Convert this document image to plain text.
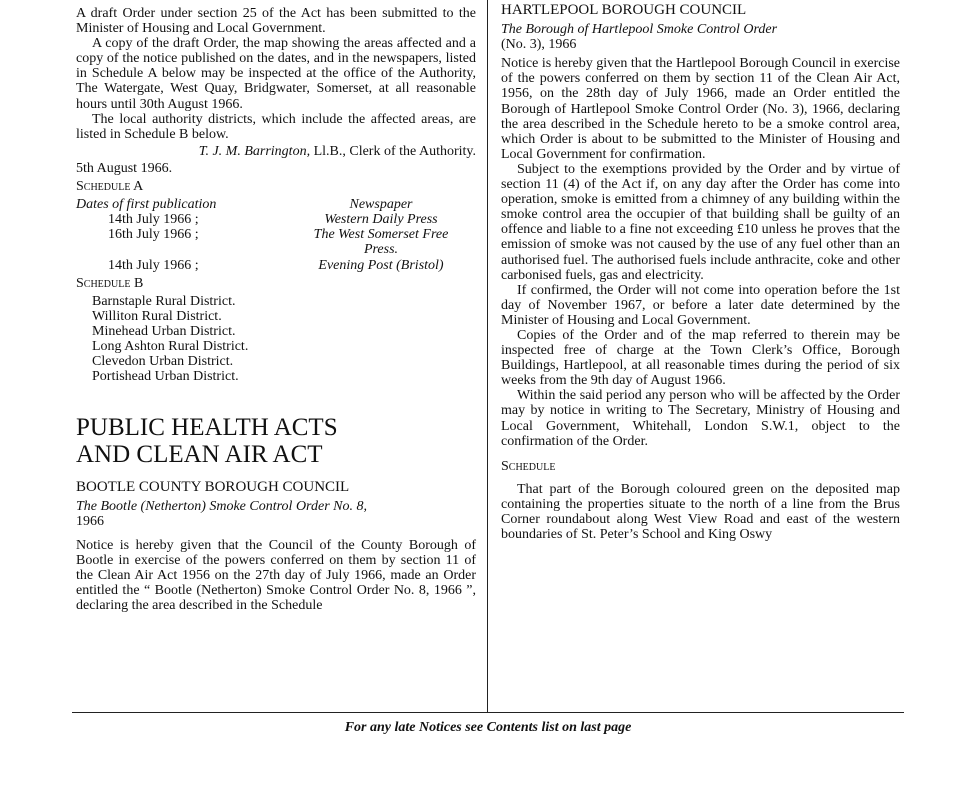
A draft Order under section 25 of the Act has been submitted to the Minister of Housing and Local Government.

A copy of the draft Order, the map showing the areas affected and a copy of the notice published on the dates, and in the newspapers, listed in Schedule A below may be inspected at the office of the Authority, The Watergate, West Quay, Bridgwater, Somerset, at all reasonable hours until 30th August 1966.

The local authority districts, which include the affected areas, are listed in Schedule B below.

T. J. M. Barrington, Ll.B., Clerk of the Authority.

5th August 1966.

Schedule A

Dates of first publication	Newspaper
14th July 1966 ;	Western Daily Press
16th July 1966 ;	The West Somerset Free
Press.
14th July 1966 ;	Evening Post (Bristol)

Schedule B

Barnstaple Rural District.
Williton Rural District.
Minehead Urban District.
Long Ashton Rural District.
Clevedon Urban District.
Portishead Urban District.

PUBLIC HEALTH ACTS

AND CLEAN AIR ACT

BOOTLE COUNTY BOROUGH COUNCIL

The Bootle (Netherton) Smoke Control Order No. 8,

1966

Notice is hereby given that the Council of the County Borough of Bootle in exercise of the powers conferred on them by section 11 of the Clean Air Act 1956 on the 27th day of July 1966, made an Order entitled the “ Bootle (Netherton) Smoke Control Order No. 8, 1966 ”, declaring the area described in the Schedule

HARTLEPOOL BOROUGH COUNCIL

The Borough of Hartlepool Smoke Control Order

(No. 3), 1966

Notice is hereby given that the Hartlepool Borough Council in exercise of the powers conferred on them by section 11 of the Clean Air Act, 1956, on the 28th day of July 1966, made an Order entitled the Borough of Hartlepool Smoke Control Order (No. 3), 1966, declaring the area described in the Schedule hereto to be a smoke control area, which Order is about to be submitted to the Minister of Housing and Local Government for confirmation.

Subject to the exemptions provided by the Order and by virtue of section 11 (4) of the Act if, on any day after the Order has come into operation, smoke is emitted from a chimney of any building within the smoke control area the occupier of that building shall be guilty of an offence and liable to a fine not exceeding £10 unless he proves that the emission of smoke was not caused by the use of any fuel other than an authorised fuel. The authorised fuels include anthracite, coke and other carbonised fuels, gas and electricity.

If confirmed, the Order will not come into operation before the 1st day of November 1967, or before a later date determined by the Minister of Housing and Local Government.

Copies of the Order and of the map referred to therein may be inspected free of charge at the Town Clerk’s Office, Borough Buildings, Hartlepool, at all reasonable times during the period of six weeks from the 9th day of August 1966.

Within the said period any person who will be affected by the Order may by notice in writing to The Secretary, Ministry of Housing and Local Government, Whitehall, London S.W.1, object to the confirmation of the Order.

Schedule

That part of the Borough coloured green on the deposited map containing the properties situate to the north of a line from the Brus Corner roundabout along West View Road and east of the western boundaries of St. Peter’s School and King Oswy

For any late Notices see Contents list on last page
